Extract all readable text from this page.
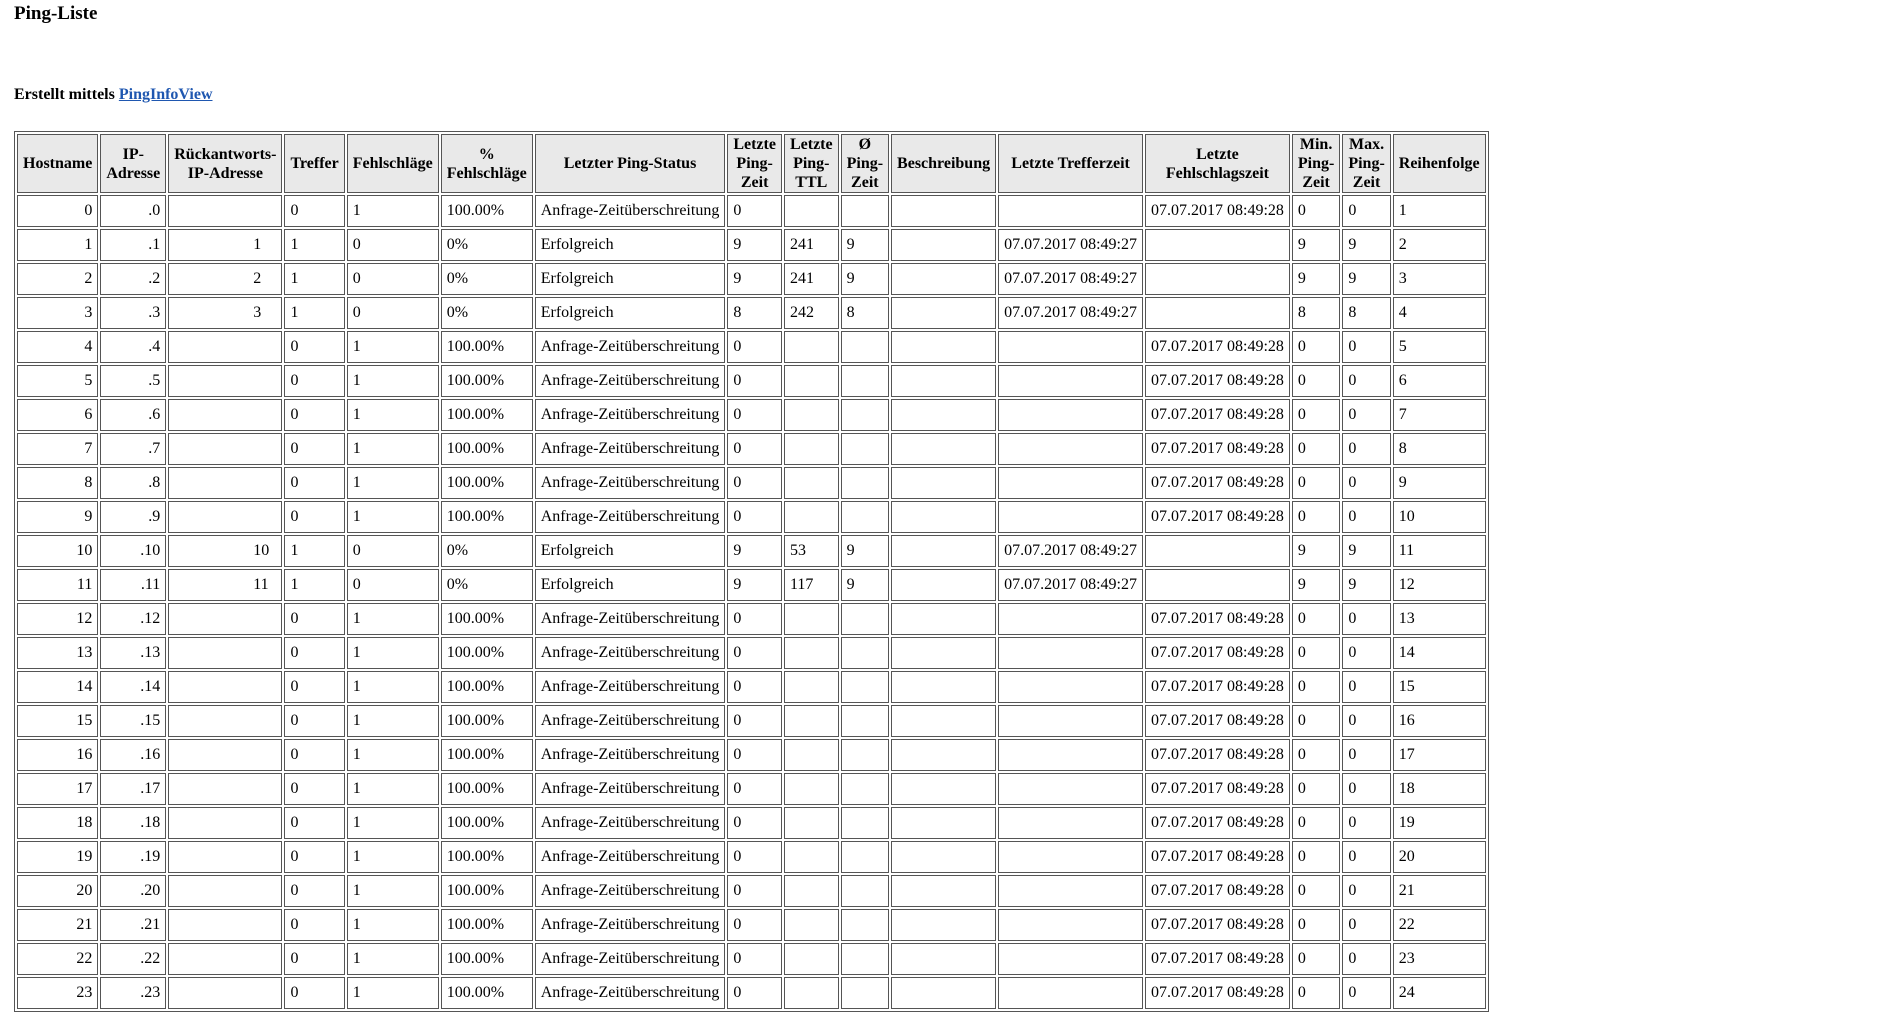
Ping-Liste
Erstellt mittels PingInfoView
Hostname	IP-Adresse	Rückantworts-IP-Adresse	Treffer	Fehlschläge	% Fehlschläge	Letzter Ping-Status	Letzte Ping-Zeit	Letzte Ping-TTL	Ø Ping-Zeit	Beschreibung	Letzte Trefferzeit	Letzte Fehlschlagszeit	Min. Ping-Zeit	Max. Ping-Zeit	Reihenfolge
0	.0		0	1	100.00%	Anfrage-Zeitüberschreitung	0					07.07.2017 08:49:28	0	0	1
1	.1	1	1	0	0%	Erfolgreich	9	241	9		07.07.2017 08:49:27		9	9	2
2	.2	2	1	0	0%	Erfolgreich	9	241	9		07.07.2017 08:49:27		9	9	3
3	.3	3	1	0	0%	Erfolgreich	8	242	8		07.07.2017 08:49:27		8	8	4
4	.4		0	1	100.00%	Anfrage-Zeitüberschreitung	0					07.07.2017 08:49:28	0	0	5
5	.5		0	1	100.00%	Anfrage-Zeitüberschreitung	0					07.07.2017 08:49:28	0	0	6
6	.6		0	1	100.00%	Anfrage-Zeitüberschreitung	0					07.07.2017 08:49:28	0	0	7
7	.7		0	1	100.00%	Anfrage-Zeitüberschreitung	0					07.07.2017 08:49:28	0	0	8
8	.8		0	1	100.00%	Anfrage-Zeitüberschreitung	0					07.07.2017 08:49:28	0	0	9
9	.9		0	1	100.00%	Anfrage-Zeitüberschreitung	0					07.07.2017 08:49:28	0	0	10
10	.10	10	1	0	0%	Erfolgreich	9	53	9		07.07.2017 08:49:27		9	9	11
11	.11	11	1	0	0%	Erfolgreich	9	117	9		07.07.2017 08:49:27		9	9	12
12	.12		0	1	100.00%	Anfrage-Zeitüberschreitung	0					07.07.2017 08:49:28	0	0	13
13	.13		0	1	100.00%	Anfrage-Zeitüberschreitung	0					07.07.2017 08:49:28	0	0	14
14	.14		0	1	100.00%	Anfrage-Zeitüberschreitung	0					07.07.2017 08:49:28	0	0	15
15	.15		0	1	100.00%	Anfrage-Zeitüberschreitung	0					07.07.2017 08:49:28	0	0	16
16	.16		0	1	100.00%	Anfrage-Zeitüberschreitung	0					07.07.2017 08:49:28	0	0	17
17	.17		0	1	100.00%	Anfrage-Zeitüberschreitung	0					07.07.2017 08:49:28	0	0	18
18	.18		0	1	100.00%	Anfrage-Zeitüberschreitung	0					07.07.2017 08:49:28	0	0	19
19	.19		0	1	100.00%	Anfrage-Zeitüberschreitung	0					07.07.2017 08:49:28	0	0	20
20	.20		0	1	100.00%	Anfrage-Zeitüberschreitung	0					07.07.2017 08:49:28	0	0	21
21	.21		0	1	100.00%	Anfrage-Zeitüberschreitung	0					07.07.2017 08:49:28	0	0	22
22	.22		0	1	100.00%	Anfrage-Zeitüberschreitung	0					07.07.2017 08:49:28	0	0	23
23	.23		0	1	100.00%	Anfrage-Zeitüberschreitung	0					07.07.2017 08:49:28	0	0	24
